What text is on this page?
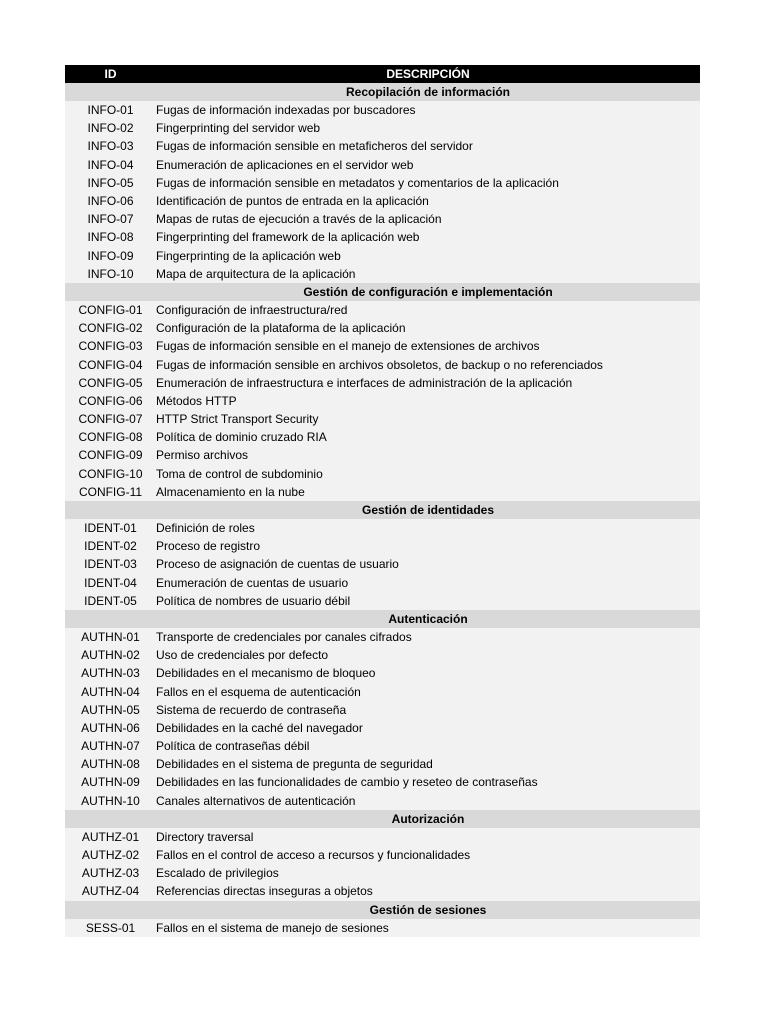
ID	DESCRIPCIÓN
Recopilación de información
INFO-01	Fugas de información indexadas por buscadores
INFO-02	Fingerprinting del servidor web
INFO-03	Fugas de información sensible en metaficheros del servidor
INFO-04	Enumeración de aplicaciones en el servidor web
INFO-05	Fugas de información sensible en metadatos y comentarios de la aplicación
INFO-06	Identificación de puntos de entrada en la aplicación
INFO-07	Mapas de rutas de ejecución a través de la aplicación
INFO-08	Fingerprinting del framework de la aplicación web
INFO-09	Fingerprinting de la aplicación web
INFO-10	Mapa de arquitectura de la aplicación
Gestión de configuración e implementación
CONFIG-01	Configuración de infraestructura/red
CONFIG-02	Configuración de la plataforma de la aplicación
CONFIG-03	Fugas de información sensible en el manejo de extensiones de archivos
CONFIG-04	Fugas de información sensible en archivos obsoletos, de backup o no referenciados
CONFIG-05	Enumeración de infraestructura e interfaces de administración de la aplicación
CONFIG-06	Métodos HTTP
CONFIG-07	HTTP Strict Transport Security
CONFIG-08	Política de dominio cruzado RIA
CONFIG-09	Permiso archivos
CONFIG-10	Toma de control de subdominio
CONFIG-11	Almacenamiento en la nube
Gestión de identidades
IDENT-01	Definición de roles
IDENT-02	Proceso de registro
IDENT-03	Proceso de asignación de cuentas de usuario
IDENT-04	Enumeración de cuentas de usuario
IDENT-05	Política de nombres de usuario débil
Autenticación
AUTHN-01	Transporte de credenciales por canales cifrados
AUTHN-02	Uso de credenciales por defecto
AUTHN-03	Debilidades en el mecanismo de bloqueo
AUTHN-04	Fallos en el esquema de autenticación
AUTHN-05	Sistema de recuerdo de contraseña
AUTHN-06	Debilidades en la caché del navegador
AUTHN-07	Política de contraseñas débil
AUTHN-08	Debilidades en el sistema de pregunta de seguridad
AUTHN-09	Debilidades en las funcionalidades de cambio y reseteo de contraseñas
AUTHN-10	Canales alternativos de autenticación
Autorización
AUTHZ-01	Directory traversal
AUTHZ-02	Fallos en el control de acceso a recursos y funcionalidades
AUTHZ-03	Escalado de privilegios
AUTHZ-04	Referencias directas inseguras a objetos
Gestión de sesiones
SESS-01	Fallos en el sistema de manejo de sesiones
